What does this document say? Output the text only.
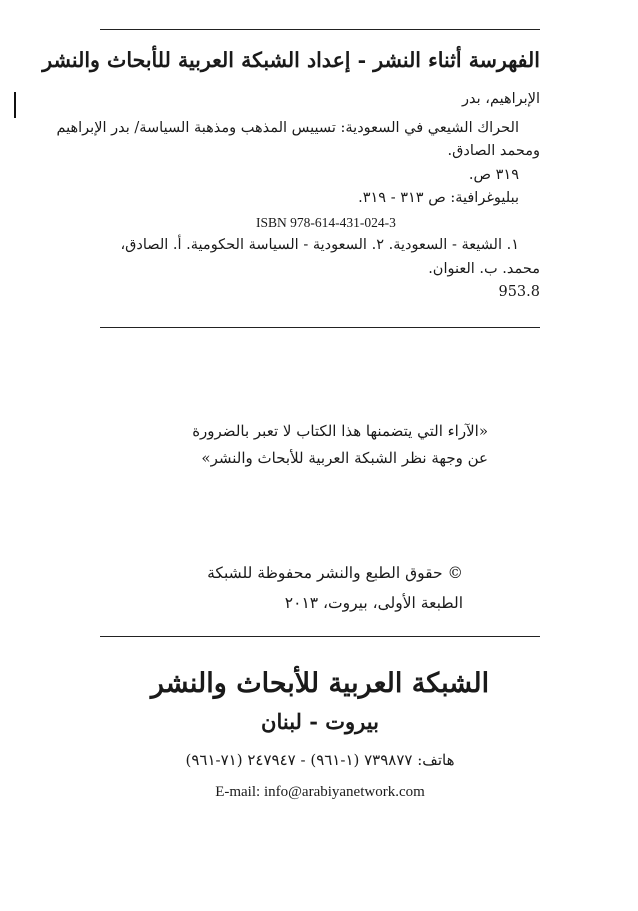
الفهرسة أثناء النشر - إعداد الشبكة العربية للأبحاث والنشر
الإبراهيم، بدر
الحراك الشيعي في السعودية: تسييس المذهب ومذهبة السياسة/ بدر الإبراهيم
ومحمد الصادق.
٣١٩ ص.
ببليوغرافية: ص ٣١٣ - ٣١٩.
ISBN 978-614-431-024-3
١. الشيعة - السعودية. ٢. السعودية - السياسة الحكومية. أ. الصادق،
محمد. ب. العنوان.
953.8
«الآراء التي يتضمنها هذا الكتاب لا تعبر بالضرورة
عن وجهة نظر الشبكة العربية للأبحاث والنشر»
© حقوق الطبع والنشر محفوظة للشبكة
الطبعة الأولى، بيروت، ٢٠١٣
الشبكة العربية للأبحاث والنشر
بيروت - لبنان
هاتف: ٧٣٩٨٧٧ (١-٩٦١) - ٢٤٧٩٤٧ (٧١-٩٦١)
E-mail: info@arabiyanetwork.com
